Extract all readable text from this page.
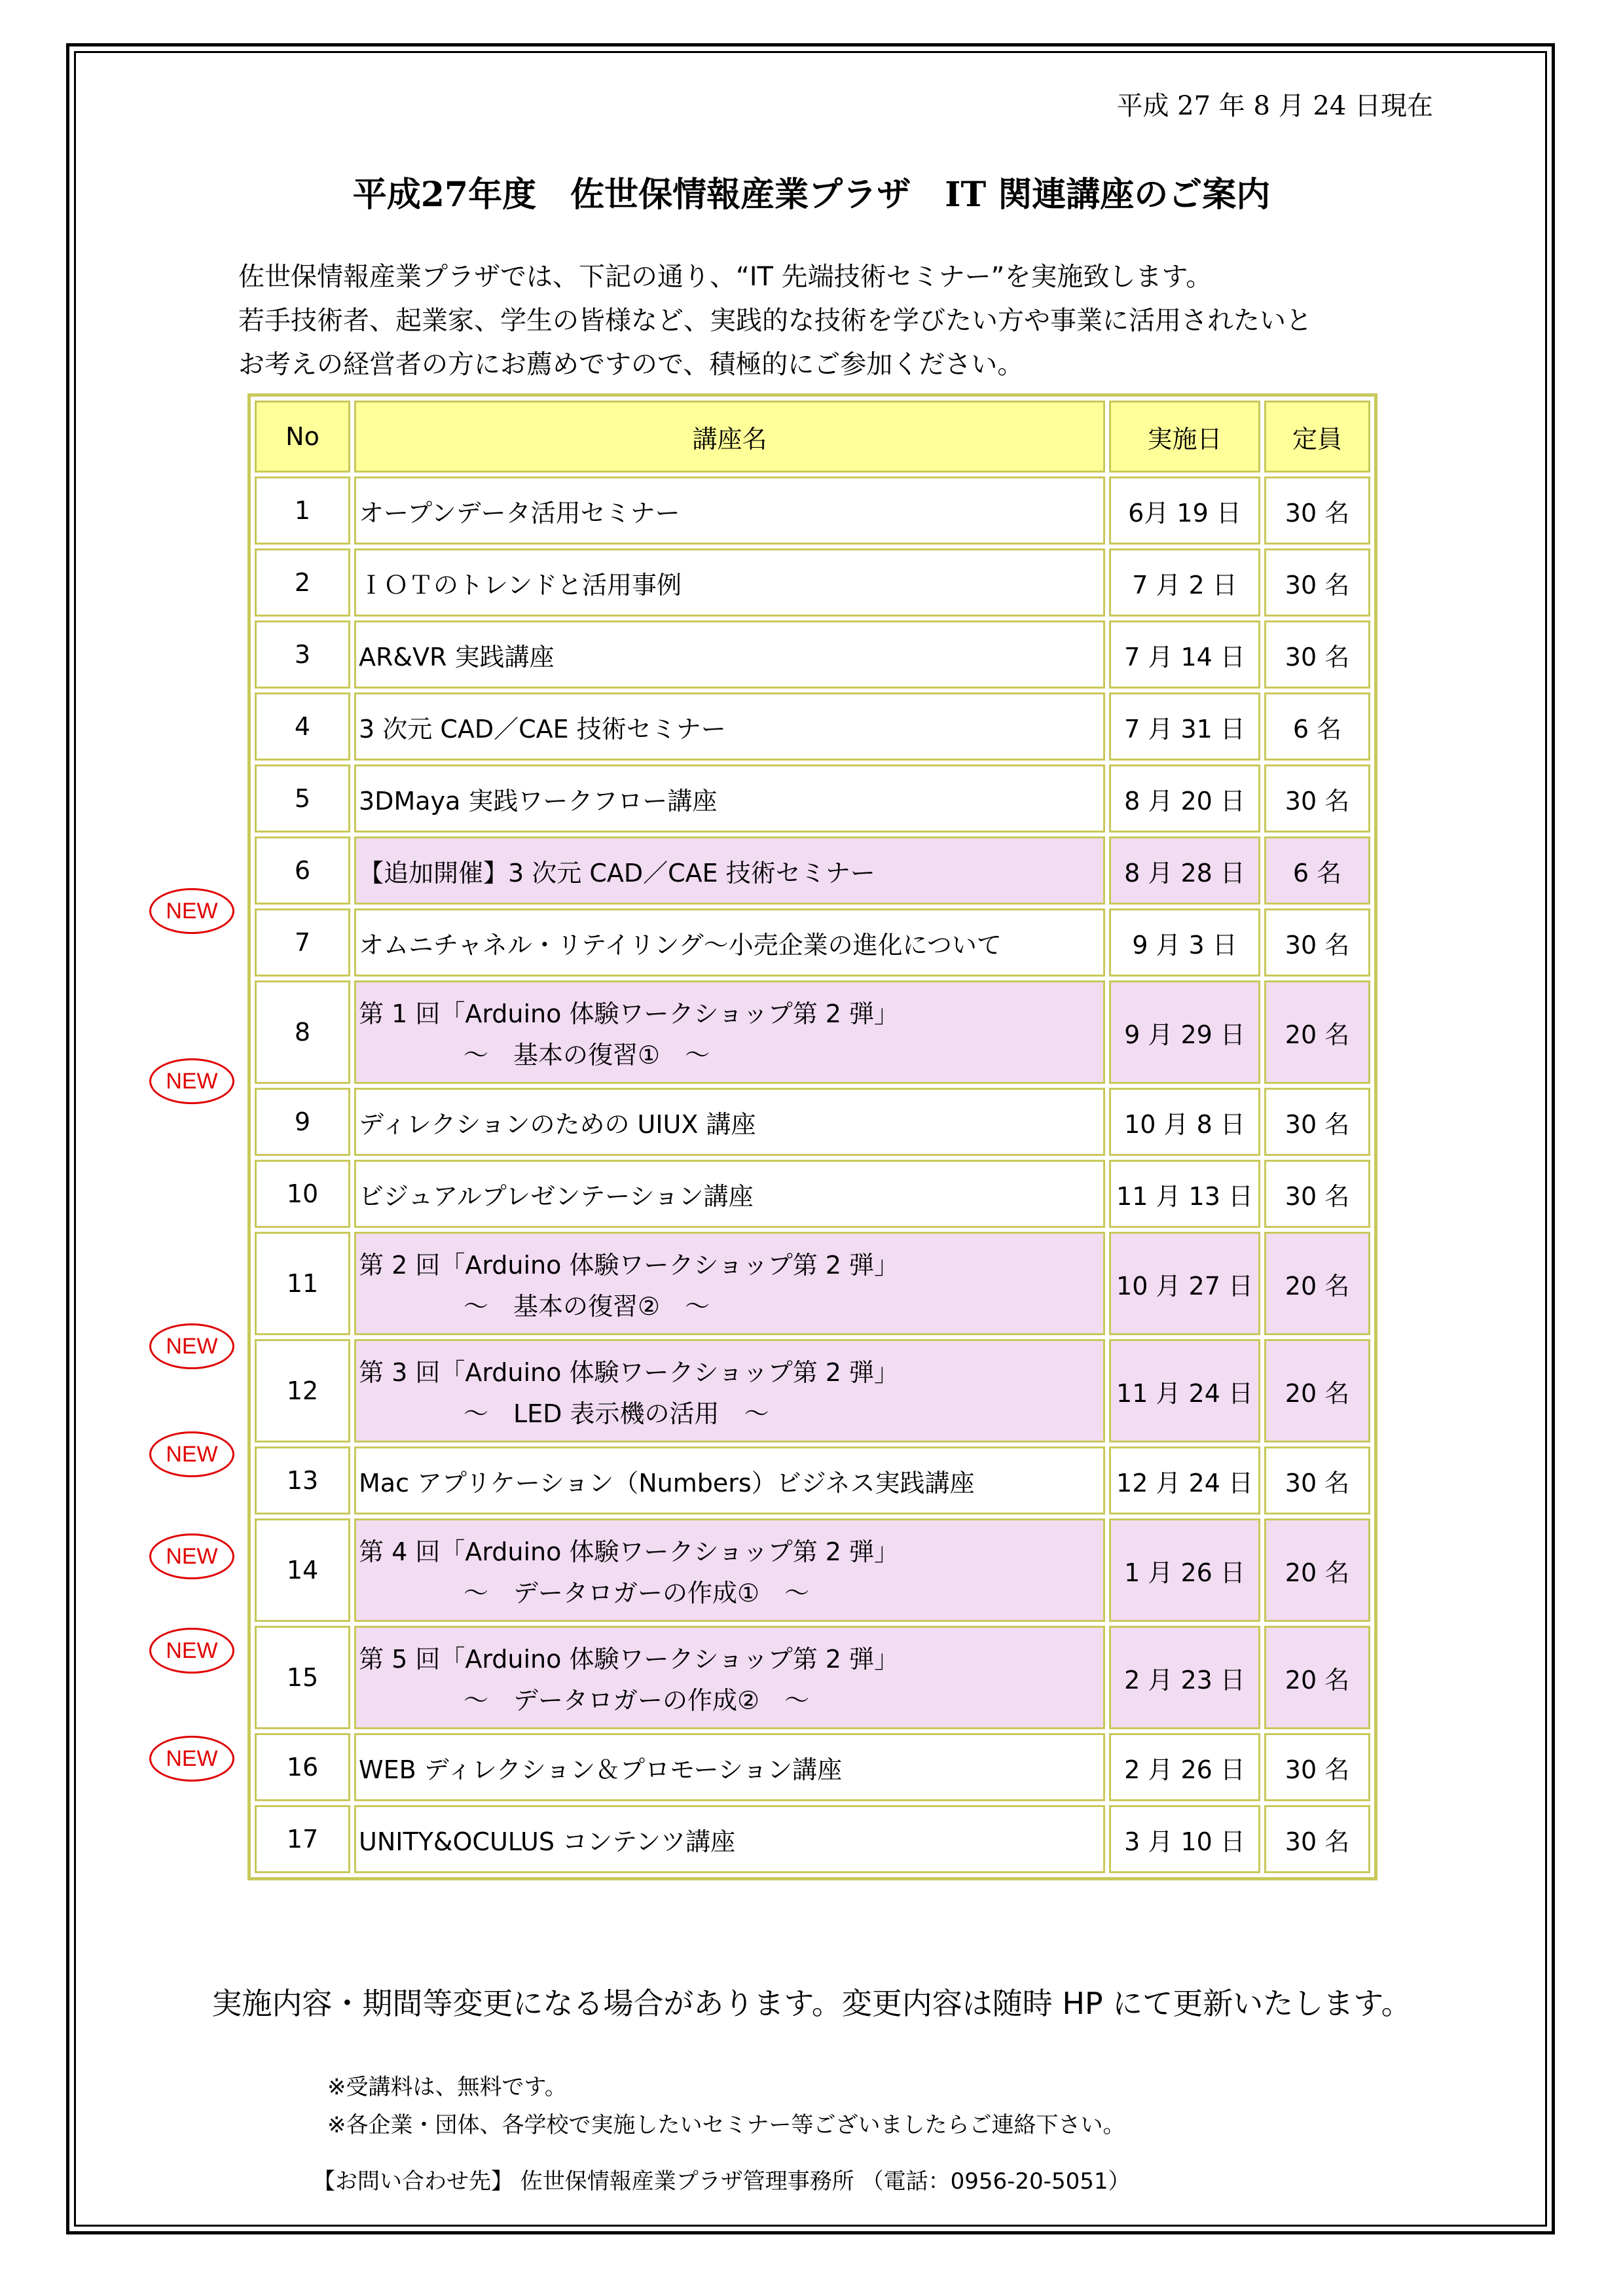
平成 27 年 8 月 24 日現在
平成27年度　佐世保情報産業プラザ　IT 関連講座のご案内
佐世保情報産業プラザでは、下記の通り、“IT 先端技術セミナー”を実施致します。
若手技術者、起業家、学生の皆様など、実践的な技術を学びたい方や事業に活用されたいと
お考えの経営者の方にお薦めですので、積極的にご参加ください。
No	講座名	実施日	定員
1	オープンデータ活用セミナー	6月 19 日	30 名
2	ＩＯＴのトレンドと活用事例	7 月 2 日	30 名
3	AR&VR 実践講座	7 月 14 日	30 名
4	3 次元 CAD／CAE 技術セミナー	7 月 31 日	6 名
5	3DMaya 実践ワークフロー講座	8 月 20 日	30 名
6	【追加開催】3 次元 CAD／CAE 技術セミナー	8 月 28 日	6 名
7	オムニチャネル・リテイリング～小売企業の進化について	9 月 3 日	30 名
8	第 1 回「Arduino 体験ワークショップ第 2 弾」
～　基本の復習①　～	9 月 29 日	20 名
9	ディレクションのための UIUX 講座	10 月 8 日	30 名
10	ビジュアルプレゼンテーション講座	11 月 13 日	30 名
11	第 2 回「Arduino 体験ワークショップ第 2 弾」
～　基本の復習②　～	10 月 27 日	20 名
12	第 3 回「Arduino 体験ワークショップ第 2 弾」
～　LED 表示機の活用　～	11 月 24 日	20 名
13	Mac アプリケーション（Numbers）ビジネス実践講座	12 月 24 日	30 名
14	第 4 回「Arduino 体験ワークショップ第 2 弾」
～　データロガーの作成①　～	1 月 26 日	20 名
15	第 5 回「Arduino 体験ワークショップ第 2 弾」
～　データロガーの作成②　～	2 月 23 日	20 名
16	WEB ディレクション＆プロモーション講座	2 月 26 日	30 名
17	UNITY&OCULUS コンテンツ講座	3 月 10 日	30 名
NEW
NEW
NEW
NEW
NEW
NEW
NEW
実施内容・期間等変更になる場合があります。変更内容は随時 HP にて更新いたします。
※受講料は、無料です。
※各企業・団体、各学校で実施したいセミナー等ございましたらご連絡下さい。
【お問い合わせ先】 佐世保情報産業プラザ管理事務所 （電話：0956-20-5051）
